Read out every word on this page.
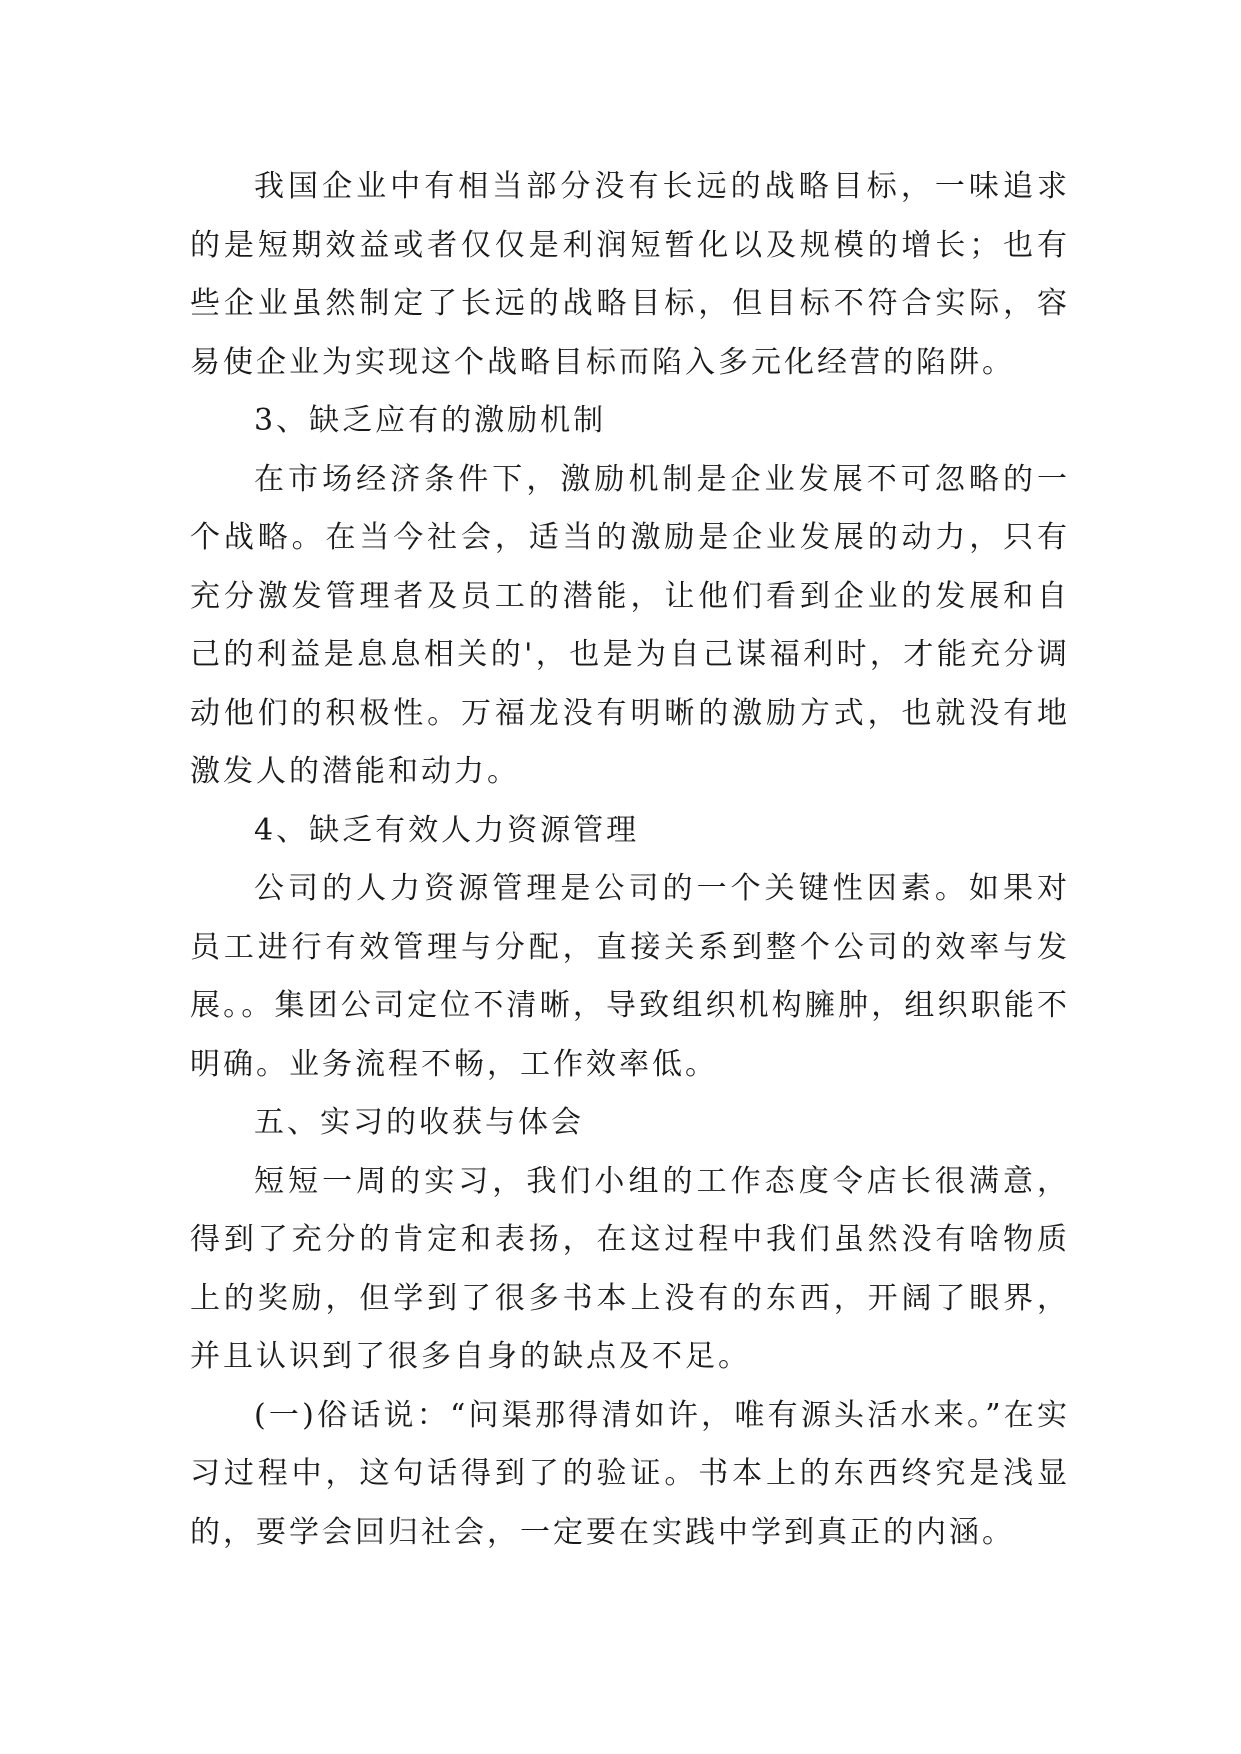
我国企业中有相当部分没有长远的战略目标，一味追求的是短期效益或者仅仅是利润短暂化以及规模的增长；也有些企业虽然制定了长远的战略目标，但目标不符合实际，容易使企业为实现这个战略目标而陷入多元化经营的陷阱。

3、缺乏应有的激励机制

在市场经济条件下，激励机制是企业发展不可忽略的一个战略。在当今社会，适当的激励是企业发展的动力，只有充分激发管理者及员工的潜能，让他们看到企业的发展和自己的利益是息息相关的'，也是为自己谋福利时，才能充分调动他们的积极性。万福龙没有明晰的激励方式，也就没有地激发人的潜能和动力。

4、缺乏有效人力资源管理

公司的人力资源管理是公司的一个关键性因素。如果对员工进行有效管理与分配，直接关系到整个公司的效率与发展。。集团公司定位不清晰，导致组织机构臃肿，组织职能不明确。业务流程不畅，工作效率低。

五、实习的收获与体会

短短一周的实习，我们小组的工作态度令店长很满意，得到了充分的肯定和表扬，在这过程中我们虽然没有啥物质上的奖励，但学到了很多书本上没有的东西，开阔了眼界，并且认识到了很多自身的缺点及不足。

(一)俗话说：“问渠那得清如许，唯有源头活水来。”在实习过程中，这句话得到了的验证。书本上的东西终究是浅显的，要学会回归社会，一定要在实践中学到真正的内涵。
